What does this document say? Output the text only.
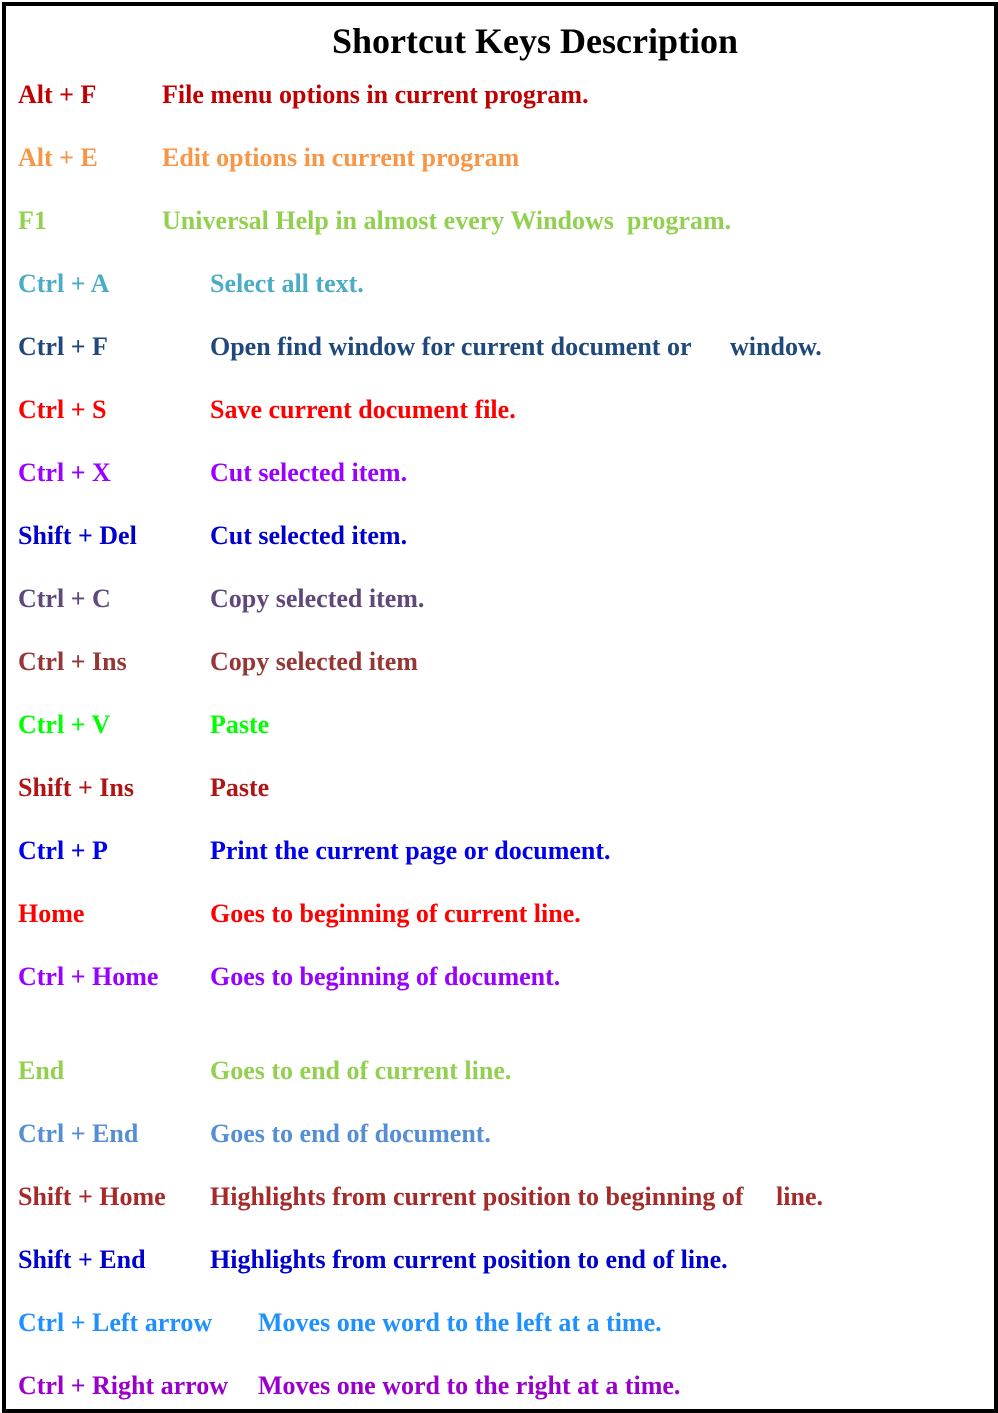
Shortcut Keys Description
Alt + F	File menu options in current program.
Alt + E Edit options in current program
F1	Universal Help in almost every Windows  program.
Ctrl + A	Select all text.
Ctrl + F	Open find window for current document or      window.
Ctrl + S	Save current document file.
Ctrl + X	Cut selected item.
Shift + Del	Cut selected item.
Ctrl + C	Copy selected item.
Ctrl + Ins	Copy selected item
Ctrl + V	Paste
Shift + Ins	Paste
Ctrl + P	Print the current page or document.
Home	Goes to beginning of current line.
Ctrl + Home Goes to beginning of document.
End	Goes to end of current line.
Ctrl + End	Goes to end of document.
Shift + Home Highlights from current position to beginning of     line.
Shift + End Highlights from current position to end of line.
Ctrl + Left arrow Moves one word to the left at a time.
Ctrl + Right arrow Moves one word to the right at a time.
